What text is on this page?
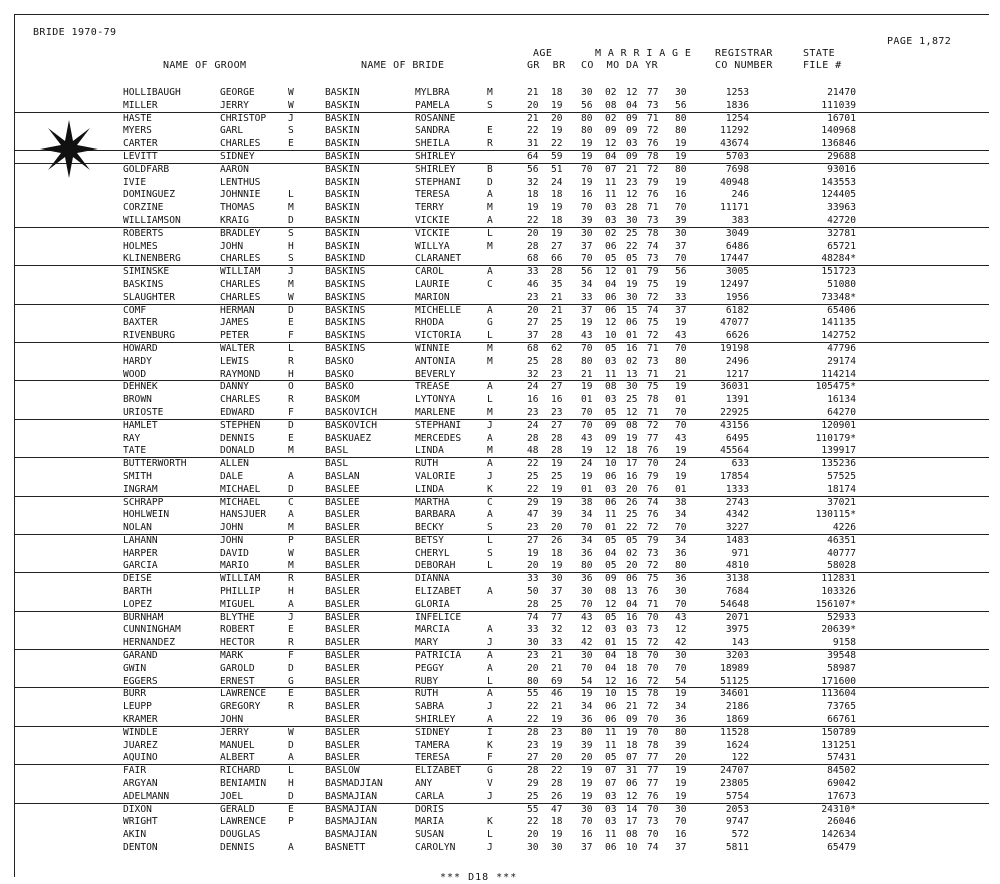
BRIDE 1970-79
PAGE 1,872
NAME OF GROOM	NAME OF BRIDE
AGE
GR  BR
M A R R I A G E
CO  MO DA YR
REGISTRAR
CO NUMBER
STATE
FILE #
HOLLIBAUGH	GEORGE	W	BASKIN	MYLBRA	M	21 18 30 02 12 77 30	1253	21470
MILLER	JERRY	W	BASKIN	PAMELA	S	20 19 56 08 04 73 56	1836	111039
HASTE	CHRISTOP J	BASKIN	ROSANNE	21 20 80 02 09 71 80	1254	16701
MYERS	GARL	S	BASKIN	SANDRA	E	22 19 80 09 09 72 80	11292	140968
CARTER	CHARLES	E	BASKIN	SHEILA	R	31 22 19 12 03 76 19	43674	136846
LEVITT	SIDNEY	BASKIN	SHIRLEY	64 59 19 04 09 78 19	5703	29688
GOLDFARB	AARON	BASKIN	SHIRLEY	B	56 51 70 07 21 72 80	7698	93016
IVIE	LENTHUS	BASKIN	STEPHANI	D	32 24 19 11 23 79 19	40948	143553
DOMINGUEZ	JOHNNIE	L	BASKIN	TERESA	A	18 18 16 11 12 76 16	246	124405
CORZINE	THOMAS	M	BASKIN	TERRY	M	19 19 70 03 28 71 70	11171	33963
WILLIAMSON	KRAIG	D	BASKIN	VICKIE	A	22 18 39 03 30 73 39	383	42720
ROBERTS	BRADLEY	S	BASKIN	VICKIE	L	20 19 30 02 25 78 30	3049	32781
HOLMES	JOHN	H	BASKIN	WILLYA	M	28 27 37 06 22 74 37	6486	65721
KLINENBERG	CHARLES	S	BASKIND	CLARANET	68 66 70 05 05 73 70	17447	48284*
SIMINSKE	WILLIAM	J	BASKINS	CAROL	A	33 28 56 12 01 79 56	3005	151723
BASKINS	CHARLES	M	BASKINS	LAURIE	C	46 35 34 04 19 75 19	12497	51080
SLAUGHTER	CHARLES	W	BASKINS	MARION	23 21 33 06 30 72 33	1956	73348*
COMF	HERMAN	D	BASKINS	MICHELLE	A	20 21 37 06 15 74 37	6182	65406
BAXTER	JAMES	E	BASKINS	RHODA	G	27 25 19 12 06 75 19	47077	141135
RIVENBURG	PETER	F	BASKINS	VICTORIA	L	37 28 43 10 01 72 43	6626	142752
HOWARD	WALTER	L	BASKINS	WINNIE	M	68 62 70 05 16 71 70	19198	47796
HARDY	LEWIS	R	BASKO	ANTONIA	M	25 28 80 03 02 73 80	2496	29174
WOOD	RAYMOND	H	BASKO	BEVERLY	32 23 21 11 13 71 21	1217	114214
DEHNEK	DANNY	O	BASKO	TREASE	A	24 27 19 08 30 75 19	36031	105475*
BROWN	CHARLES	R	BASKOM	LYTONYA	L	16 16 01 03 25 78 01	1391	16134
URIOSTE	EDWARD	F	BASKOVICH	MARLENE	M	23 23 70 05 12 71 70	22925	64270
HAMLET	STEPHEN	D	BASKOVICH	STEPHANI	J	24 27 70 09 08 72 70	43156	120901
RAY	DENNIS	E	BASKUAEZ	MERCEDES	A	28 28 43 09 19 77 43	6495	110179*
TATE	DONALD	M	BASL	LINDA	M	48 28 19 12 18 76 19	45564	139917
BUTTERWORTH	ALLEN	BASL	RUTH	A	22 19 24 10 17 70 24	633	135236
SMITH	DALE	A	BASLAN	VALORIE	J	25 25 19 06 16 79 19	17854	57525
INGRAM	MICHAEL	D	BASLEE	LINDA	K	22 19 01 03 20 76 01	1333	18174
SCHRAPP	MICHAEL	C	BASLEE	MARTHA	C	29 19 38 06 26 74 38	2743	37021
HOHLWEIN	HANSJUER A	BASLER	BARBARA	A	47 39 34 11 25 76 34	4342	130115*
NOLAN	JOHN	M	BASLER	BECKY	S	23 20 70 01 22 72 70	3227	4226
LAHANN	JOHN	P	BASLER	BETSY	L	27 26 34 05 05 79 34	1483	46351
HARPER	DAVID	W	BASLER	CHERYL	S	19 18 36 04 02 73 36	971	40777
GARCIA	MARIO	M	BASLER	DEBORAH	L	20 19 80 05 20 72 80	4810	58028
DEISE	WILLIAM	R	BASLER	DIANNA	33 30 36 09 06 75 36	3138	112831
BARTH	PHILLIP	H	BASLER	ELIZABET	A	50 37 30 08 13 76 30	7684	103326
LOPEZ	MIGUEL	A	BASLER	GLORIA	28 25 70 12 04 71 70	54648	156107*
BURNHAM	BLYTHE	J	BASLER	INFELICE	74 77 43 05 16 70 43	2071	52933
CUNNINGHAM	ROBERT	E	BASLER	MARCIA	A	33 32 12 03 03 73 12	3975	20639*
HERNANDEZ	HECTOR	R	BASLER	MARY	J	30 33 42 01 15 72 42	143	9158
GARAND	MARK	F	BASLER	PATRICIA	A	23 21 30 04 18 70 30	3203	39548
GWIN	GAROLD	D	BASLER	PEGGY	A	20 21 70 04 18 70 70	18989	58987
EGGERS	ERNEST	G	BASLER	RUBY	L	80 69 54 12 16 72 54	51125	171600
BURR	LAWRENCE E	BASLER	RUTH	A	55 46 19 10 15 78 19	34601	113604
LEUPP	GREGORY	R	BASLER	SABRA	J	22 21 34 06 21 72 34	2186	73765
KRAMER	JOHN	BASLER	SHIRLEY	A	22 19 36 06 09 70 36	1869	66761
WINDLE	JERRY	W	BASLER	SIDNEY	I	28 23 80 11 19 70 80	11528	150789
JUAREZ	MANUEL	D	BASLER	TAMERA	K	23 19 39 11 18 78 39	1624	131251
AQUINO	ALBERT	A	BASLER	TERESA	F	27 20 20 05 07 77 20	122	57431
FAIR	RICHARD	L	BASLOW	ELIZABET	G	28 22 19 07 31 77 19	24707	84502
ARGYAN	BENIAMIN H	BASMADJIAN	ANY	V	29 28 19 07 06 77 19	23805	69042
ADELMANN	JOEL	D	BASMAJIAN	CARLA	J	25 26 19 03 12 76 19	5754	17673
DIXON	GERALD	E	BASMAJIAN	DORIS	55 47 30 03 14 70 30	2053	24310*
WRIGHT	LAWRENCE P	BASMAJIAN	MARIA	K	22 18 70 03 17 73 70	9747	26046
AKIN	DOUGLAS	BASMAJIAN	SUSAN	L	20 19 16 11 08 70 16	572	142634
DENTON	DENNIS	A	BASNETT	CAROLYN	J	30 30 37 06 10 74 37	5811	65479
*** D18 ***
